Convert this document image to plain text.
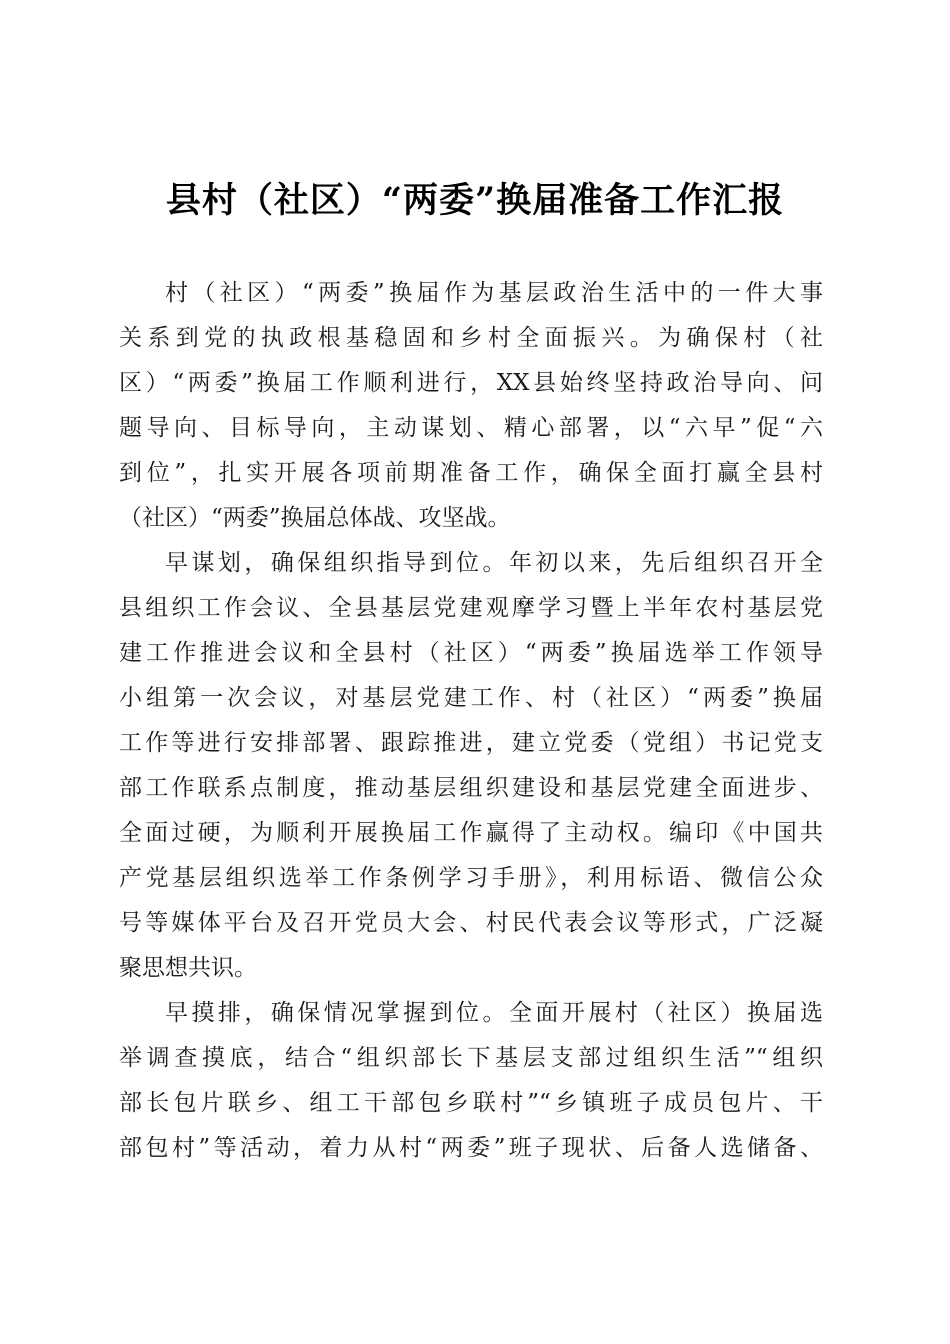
县村（社区）“两委”换届准备工作汇报
村（社区）“两委”换届作为基层政治生活中的一件大事
关系到党的执政根基稳固和乡村全面振兴。为确保村（社
区）“两委”换届工作顺利进行，XX县始终坚持政治导向、问
题导向、目标导向，主动谋划、精心部署，以“六早”促“六
到位”，扎实开展各项前期准备工作，确保全面打赢全县村
（社区）“两委”换届总体战、攻坚战。
早谋划，确保组织指导到位。年初以来，先后组织召开全
县组织工作会议、全县基层党建观摩学习暨上半年农村基层党
建工作推进会议和全县村（社区）“两委”换届选举工作领导
小组第一次会议，对基层党建工作、村（社区）“两委”换届
工作等进行安排部署、跟踪推进，建立党委（党组）书记党支
部工作联系点制度，推动基层组织建设和基层党建全面进步、
全面过硬，为顺利开展换届工作赢得了主动权。编印《中国共
产党基层组织选举工作条例学习手册》，利用标语、微信公众
号等媒体平台及召开党员大会、村民代表会议等形式，广泛凝
聚思想共识。
早摸排，确保情况掌握到位。全面开展村（社区）换届选
举调查摸底，结合“组织部长下基层支部过组织生活”“组织
部长包片联乡、组工干部包乡联村”“乡镇班子成员包片、干
部包村”等活动，着力从村“两委”班子现状、后备人选储备、
